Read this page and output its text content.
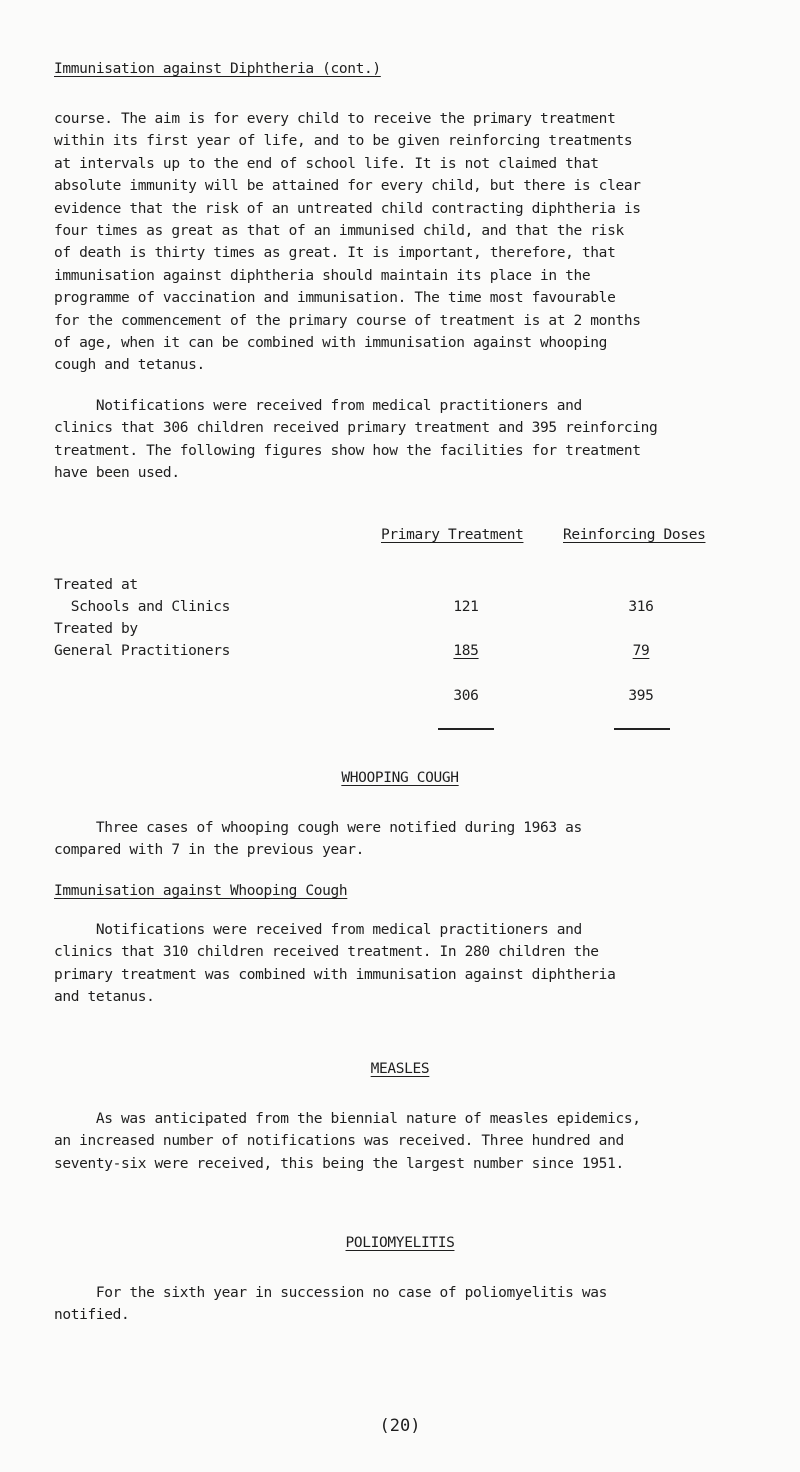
Immunisation against Diphtheria (cont.)
course. The aim is for every child to receive the primary treatment
within its first year of life, and to be given reinforcing treatments
at intervals up to the end of school life. It is not claimed that
absolute immunity will be attained for every child, but there is clear
evidence that the risk of an untreated child contracting diphtheria is
four times as great as that of an immunised child, and that the risk
of death is thirty times as great. It is important, therefore, that
immunisation against diphtheria should maintain its place in the
programme of vaccination and immunisation. The time most favourable
for the commencement of the primary course of treatment is at 2 months
of age, when it can be combined with immunisation against whooping
cough and tetanus.
Notifications were received from medical practitioners and
clinics that 306 children received primary treatment and 395 reinforcing
treatment. The following figures show how the facilities for treatment
have been used.
Primary Treatment	Reinforcing Doses
Treated at
Schools and Clinics	121	316
Treated by
General Practitioners	185	79
306	395
WHOOPING COUGH
Three cases of whooping cough were notified during 1963 as
compared with 7 in the previous year.
Immunisation against Whooping Cough
Notifications were received from medical practitioners and
clinics that 310 children received treatment. In 280 children the
primary treatment was combined with immunisation against diphtheria
and tetanus.
MEASLES
As was anticipated from the biennial nature of measles epidemics,
an increased number of notifications was received. Three hundred and
seventy-six were received, this being the largest number since 1951.
POLIOMYELITIS
For the sixth year in succession no case of poliomyelitis was
notified.
(20)
